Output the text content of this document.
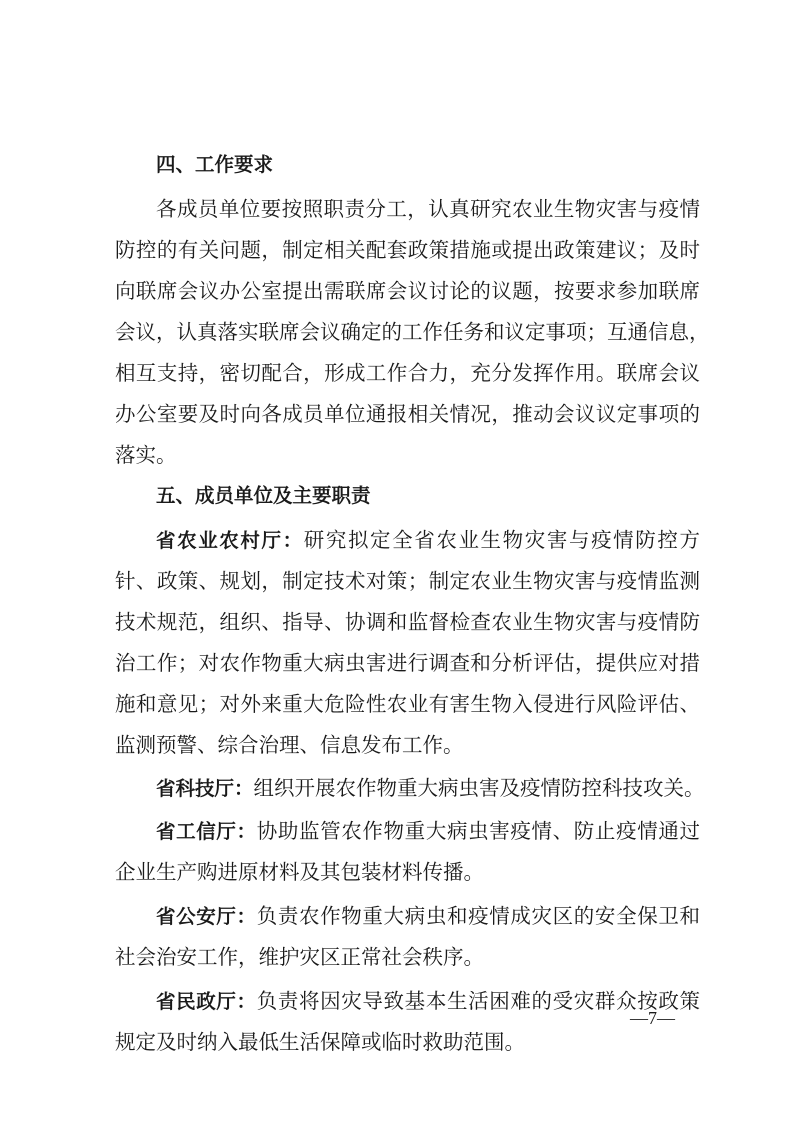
四、工作要求
各成员单位要按照职责分工，认真研究农业生物灾害与疫情
防控的有关问题，制定相关配套政策措施或提出政策建议；及时
向联席会议办公室提出需联席会议讨论的议题，按要求参加联席
会议，认真落实联席会议确定的工作任务和议定事项；互通信息，
相互支持，密切配合，形成工作合力，充分发挥作用。联席会议
办公室要及时向各成员单位通报相关情况，推动会议议定事项的
落实。
五、成员单位及主要职责
省农业农村厅：研究拟定全省农业生物灾害与疫情防控方
针、政策、规划，制定技术对策；制定农业生物灾害与疫情监测
技术规范，组织、指导、协调和监督检查农业生物灾害与疫情防
治工作；对农作物重大病虫害进行调查和分析评估，提供应对措
施和意见；对外来重大危险性农业有害生物入侵进行风险评估、
监测预警、综合治理、信息发布工作。
省科技厅：组织开展农作物重大病虫害及疫情防控科技攻关。
省工信厅：协助监管农作物重大病虫害疫情、防止疫情通过
企业生产购进原材料及其包装材料传播。
省公安厅：负责农作物重大病虫和疫情成灾区的安全保卫和
社会治安工作，维护灾区正常社会秩序。
省民政厅：负责将因灾导致基本生活困难的受灾群众按政策
规定及时纳入最低生活保障或临时救助范围。
—7—
